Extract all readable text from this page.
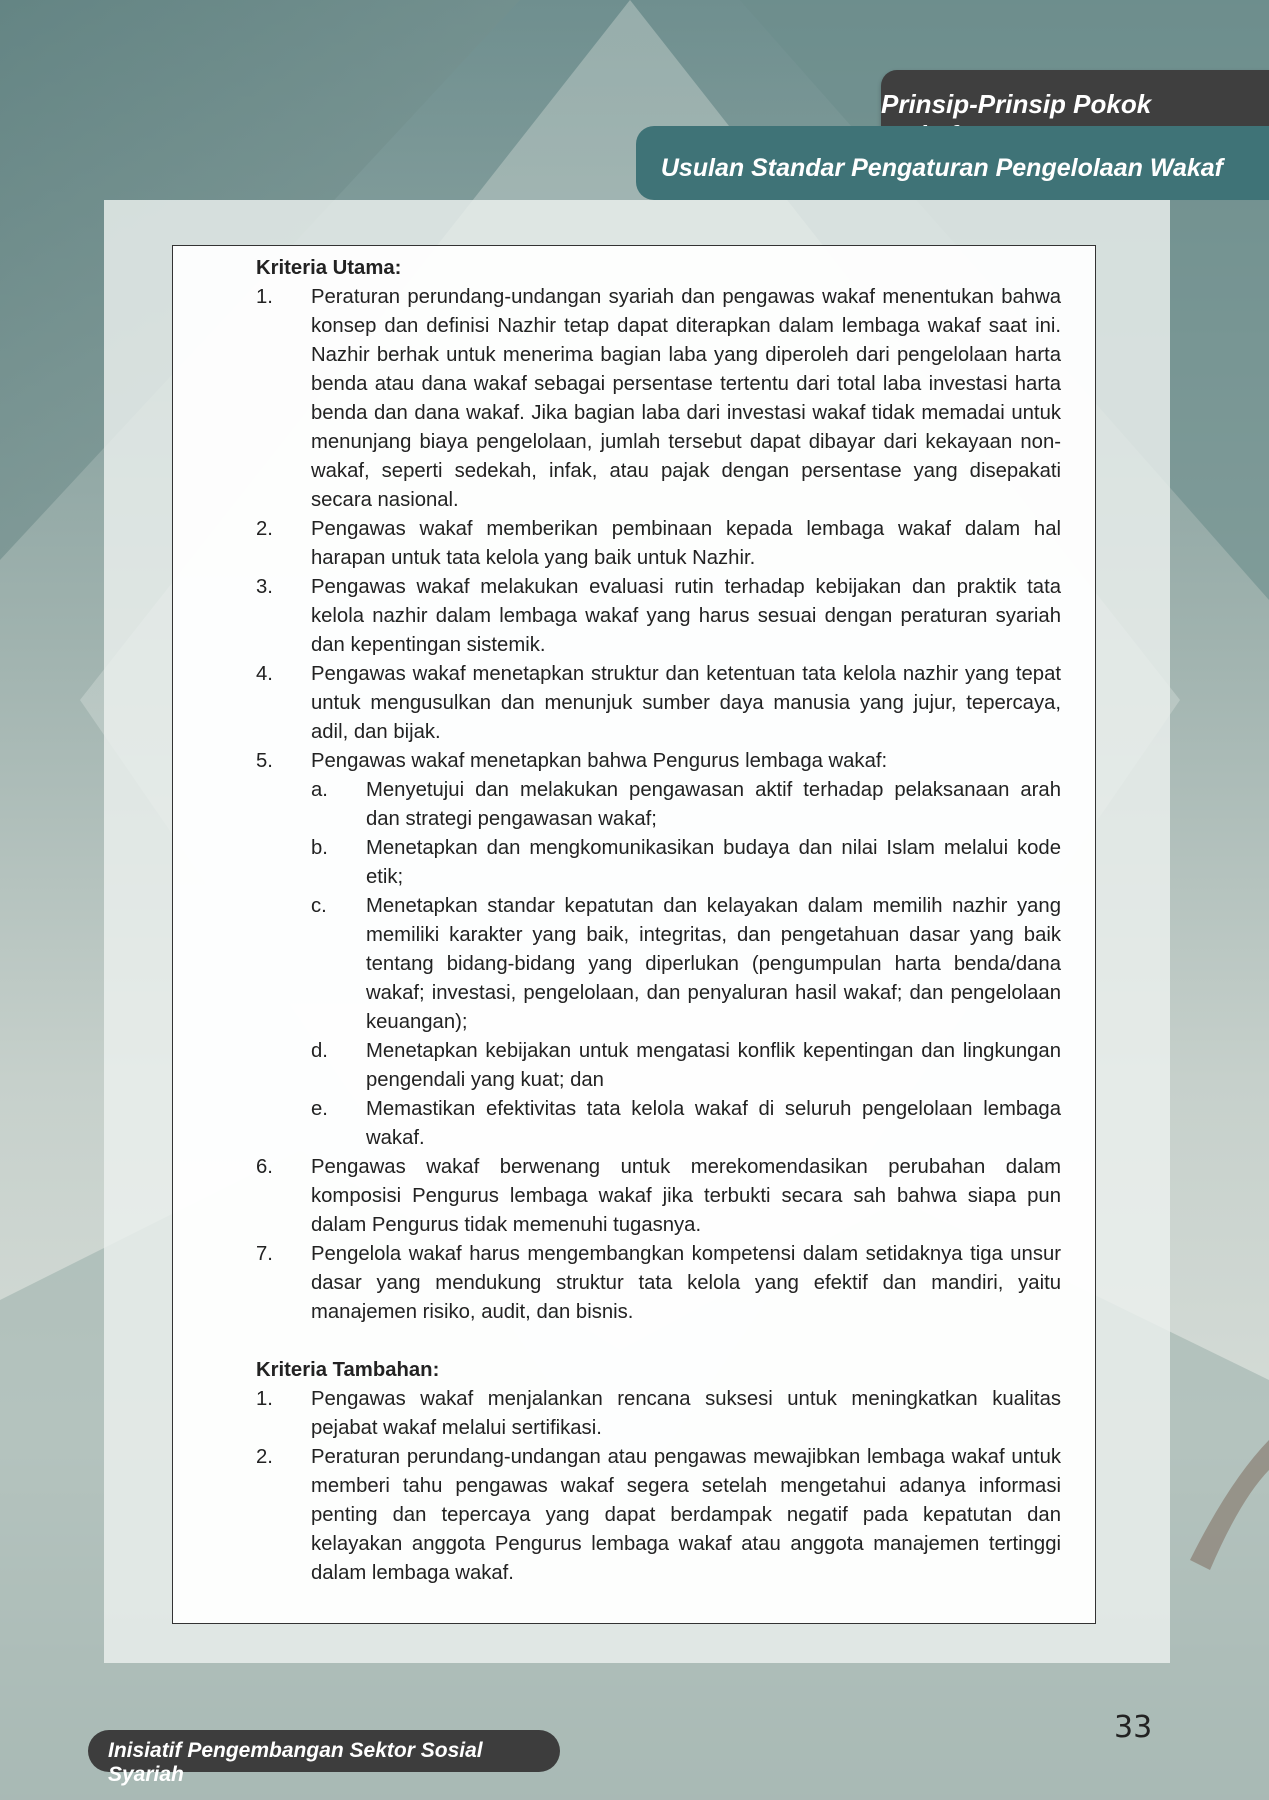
Prinsip-Prinsip Pokok
Usulan Standar Pengaturan Pengelolaan Wakaf

Kriteria Utama:

1.	Peraturan perundang-undangan syariah dan pengawas wakaf menentukan bahwa konsep dan definisi Nazhir tetap dapat diterapkan dalam lembaga wakaf saat ini. Nazhir berhak untuk menerima bagian laba yang diperoleh dari pengelolaan harta benda atau dana wakaf sebagai persentase tertentu dari total laba investasi harta benda dan dana wakaf. Jika bagian laba dari investasi wakaf tidak memadai untuk menunjang biaya pengelolaan, jumlah tersebut dapat dibayar dari kekayaan non-wakaf, seperti sedekah, infak, atau pajak dengan persentase yang disepakati secara nasional.
2.	Pengawas wakaf memberikan pembinaan kepada lembaga wakaf dalam hal harapan untuk tata kelola yang baik untuk Nazhir.
3.	Pengawas wakaf melakukan evaluasi rutin terhadap kebijakan dan praktik tata kelola nazhir dalam lembaga wakaf yang harus sesuai dengan peraturan syariah dan kepentingan sistemik.
4.	Pengawas wakaf menetapkan struktur dan ketentuan tata kelola nazhir yang tepat untuk mengusulkan dan menunjuk sumber daya manusia yang jujur, tepercaya, adil, dan bijak.
5.	Pengawas wakaf menetapkan bahwa Pengurus lembaga wakaf:
a.	Menyetujui dan melakukan pengawasan aktif terhadap pelaksanaan arah dan strategi pengawasan wakaf;
b.	Menetapkan dan mengkomunikasikan budaya dan nilai Islam melalui kode etik;
c.	Menetapkan standar kepatutan dan kelayakan dalam memilih nazhir yang memiliki karakter yang baik, integritas, dan pengetahuan dasar yang baik tentang bidang-bidang yang diperlukan (pengumpulan harta benda/dana wakaf; investasi, pengelolaan, dan penyaluran hasil wakaf; dan pengelolaan keuangan);
d.	Menetapkan kebijakan untuk mengatasi konflik kepentingan dan lingkungan pengendali yang kuat; dan
e.	Memastikan efektivitas tata kelola wakaf di seluruh pengelolaan lembaga wakaf.
6.	Pengawas wakaf berwenang untuk merekomendasikan perubahan dalam komposisi Pengurus lembaga wakaf jika terbukti secara sah bahwa siapa pun dalam Pengurus tidak memenuhi tugasnya.
7.	Pengelola wakaf harus mengembangkan kompetensi dalam setidaknya tiga unsur dasar yang mendukung struktur tata kelola yang efektif dan mandiri, yaitu manajemen risiko, audit, dan bisnis.

Kriteria Tambahan:

1.	Pengawas wakaf menjalankan rencana suksesi untuk meningkatkan kualitas pejabat wakaf melalui sertifikasi.
2.	Peraturan perundang-undangan atau pengawas mewajibkan lembaga wakaf untuk memberi tahu pengawas wakaf segera setelah mengetahui adanya informasi penting dan tepercaya yang dapat berdampak negatif pada kepatutan dan kelayakan anggota Pengurus lembaga wakaf atau anggota manajemen tertinggi dalam lembaga wakaf.
33
Inisiatif Pengembangan Sektor Sosial Syariah
